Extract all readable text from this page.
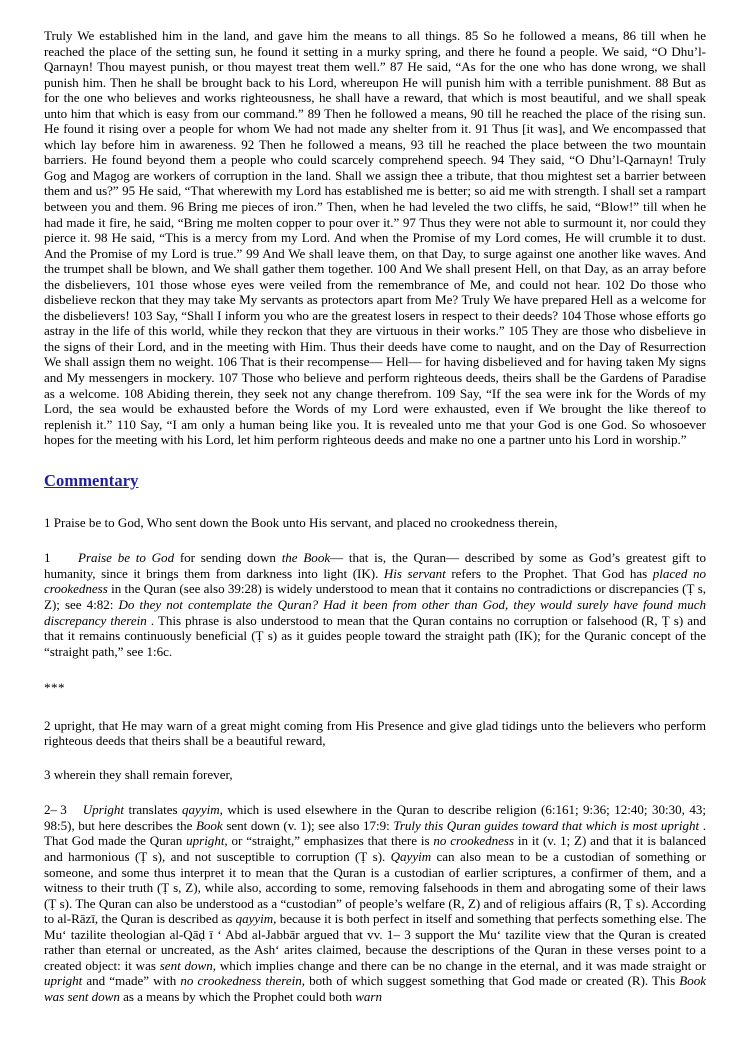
Truly We established him in the land, and gave him the means to all things. 85 So he followed a means, 86 till when he reached the place of the setting sun, he found it setting in a murky spring, and there he found a people. We said, “O Dhu’l-Qarnayn! Thou mayest punish, or thou mayest treat them well.” 87 He said, “As for the one who has done wrong, we shall punish him. Then he shall be brought back to his Lord, whereupon He will punish him with a terrible punishment. 88 But as for the one who believes and works righteousness, he shall have a reward, that which is most beautiful, and we shall speak unto him that which is easy from our command.” 89 Then he followed a means, 90 till he reached the place of the rising sun. He found it rising over a people for whom We had not made any shelter from it. 91 Thus [it was], and We encompassed that which lay before him in awareness. 92 Then he followed a means, 93 till he reached the place between the two mountain barriers. He found beyond them a people who could scarcely comprehend speech. 94 They said, “O Dhu’l-Qarnayn! Truly Gog and Magog are workers of corruption in the land. Shall we assign thee a tribute, that thou mightest set a barrier between them and us?” 95 He said, “That wherewith my Lord has established me is better; so aid me with strength. I shall set a rampart between you and them. 96 Bring me pieces of iron.” Then, when he had leveled the two cliffs, he said, “Blow!” till when he had made it fire, he said, “Bring me molten copper to pour over it.” 97 Thus they were not able to surmount it, nor could they pierce it. 98 He said, “This is a mercy from my Lord. And when the Promise of my Lord comes, He will crumble it to dust. And the Promise of my Lord is true.” 99 And We shall leave them, on that Day, to surge against one another like waves. And the trumpet shall be blown, and We shall gather them together. 100 And We shall present Hell, on that Day, as an array before the disbelievers, 101 those whose eyes were veiled from the remembrance of Me, and could not hear. 102 Do those who disbelieve reckon that they may take My servants as protectors apart from Me? Truly We have prepared Hell as a welcome for the disbelievers! 103 Say, “Shall I inform you who are the greatest losers in respect to their deeds? 104 Those whose efforts go astray in the life of this world, while they reckon that they are virtuous in their works.” 105 They are those who disbelieve in the signs of their Lord, and in the meeting with Him. Thus their deeds have come to naught, and on the Day of Resurrection We shall assign them no weight. 106 That is their recompense— Hell— for having disbelieved and for having taken My signs and My messengers in mockery. 107 Those who believe and perform righteous deeds, theirs shall be the Gardens of Paradise as a welcome. 108 Abiding therein, they seek not any change therefrom. 109 Say, “If the sea were ink for the Words of my Lord, the sea would be exhausted before the Words of my Lord were exhausted, even if We brought the like thereof to replenish it.” 110 Say, “I am only a human being like you. It is revealed unto me that your God is one God. So whosoever hopes for the meeting with his Lord, let him perform righteous deeds and make no one a partner unto his Lord in worship.”

Commentary

1 Praise be to God, Who sent down the Book unto His servant, and placed no crookedness therein,

1 Praise be to God for sending down the Book— that is, the Quran— described by some as God’s greatest gift to humanity, since it brings them from darkness into light (IK). His servant refers to the Prophet. That God has placed no crookedness in the Quran (see also 39:28) is widely understood to mean that it contains no contradictions or discrepancies (Ṭ s, Z); see 4:82: Do they not contemplate the Quran? Had it been from other than God, they would surely have found much discrepancy therein . This phrase is also understood to mean that the Quran contains no corruption or falsehood (R, Ṭ s) and that it remains continuously beneficial (Ṭ s) as it guides people toward the straight path (IK); for the Quranic concept of the “straight path,” see 1:6c.

***

2 upright, that He may warn of a great might coming from His Presence and give glad tidings unto the believers who perform righteous deeds that theirs shall be a beautiful reward,

3 wherein they shall remain forever,

2– 3 Upright translates qayyim, which is used elsewhere in the Quran to describe religion (6:161; 9:36; 12:40; 30:30, 43; 98:5), but here describes the Book sent down (v. 1); see also 17:9: Truly this Quran guides toward that which is most upright . That God made the Quran upright, or “straight,” emphasizes that there is no crookedness in it (v. 1; Z) and that it is balanced and harmonious (Ṭ s), and not susceptible to corruption (Ṭ s). Qayyim can also mean to be a custodian of something or someone, and some thus interpret it to mean that the Quran is a custodian of earlier scriptures, a confirmer of them, and a witness to their truth (Ṭ s, Z), while also, according to some, removing falsehoods in them and abrogating some of their laws (Ṭ s). The Quran can also be understood as a “custodian” of people’s welfare (R, Z) and of religious affairs (R, Ṭ s). According to al-Rāzī, the Quran is described as qayyim, because it is both perfect in itself and something that perfects something else. The Muʻ tazilite theologian al-Qāḍ ī ʻ Abd al-Jabbār argued that vv. 1– 3 support the Muʻ tazilite view that the Quran is created rather than eternal or uncreated, as the Ashʻ arites claimed, because the descriptions of the Quran in these verses point to a created object: it was sent down, which implies change and there can be no change in the eternal, and it was made straight or upright and “made” with no crookedness therein, both of which suggest something that God made or created (R). This Book was sent down as a means by which the Prophet could both warn
